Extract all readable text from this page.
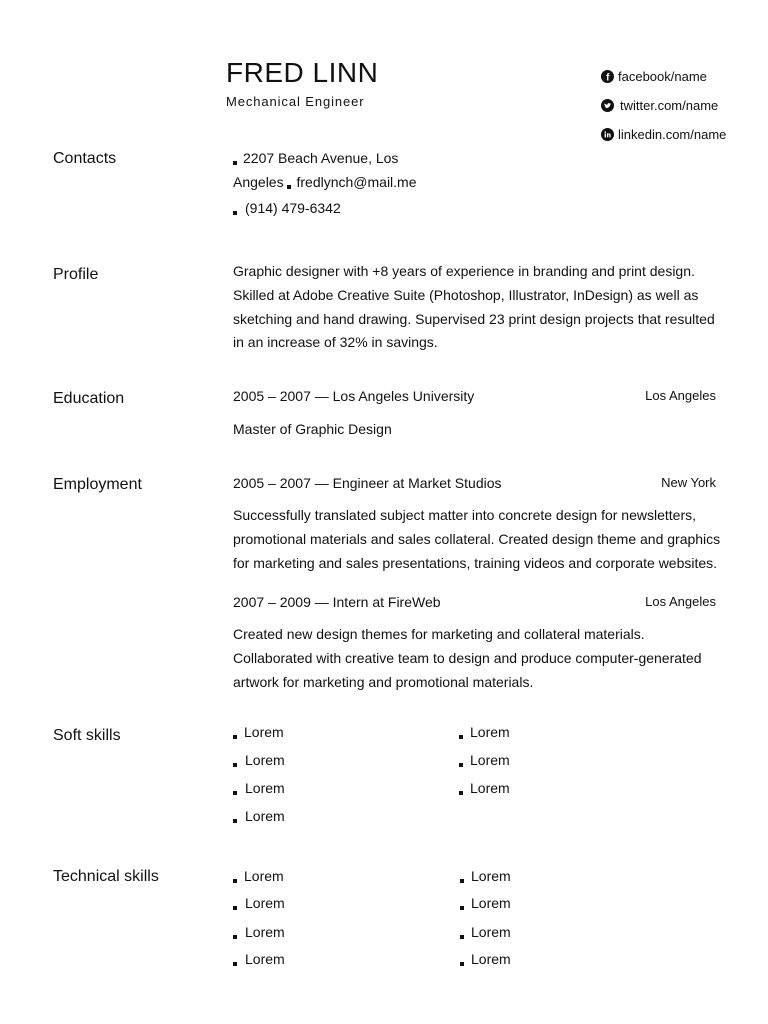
FRED LINN
Mechanical Engineer
f facebook/name
twitter.com/name
linkedin.com/name
Contacts	2207 Beach Avenue, Los
Angeles fredlynch@mail.me
(914) 479-6342
Profile	Graphic designer with +8 years of experience in branding and print design.
Skilled at Adobe Creative Suite (Photoshop, Illustrator, InDesign) as well as
sketching and hand drawing. Supervised 23 print design projects that resulted
in an increase of 32% in savings.
Education	2005 – 2007 — Los Angeles University	Los Angeles
Master of Graphic Design
Employment	2005 – 2007 — Engineer at Market Studios	New York
Successfully translated subject matter into concrete design for newsletters,
promotional materials and sales collateral. Created design theme and graphics
for marketing and sales presentations, training videos and corporate websites.
2007 – 2009 — Intern at FireWeb	Los Angeles
Created new design themes for marketing and collateral materials.
Collaborated with creative team to design and produce computer-generated
artwork for marketing and promotional materials.
Soft skills	Lorem
Lorem
Lorem
Lorem
Lorem
Lorem
Lorem
Technical skills	Lorem
Lorem
Lorem
Lorem
Lorem
Lorem
Lorem
Lorem
